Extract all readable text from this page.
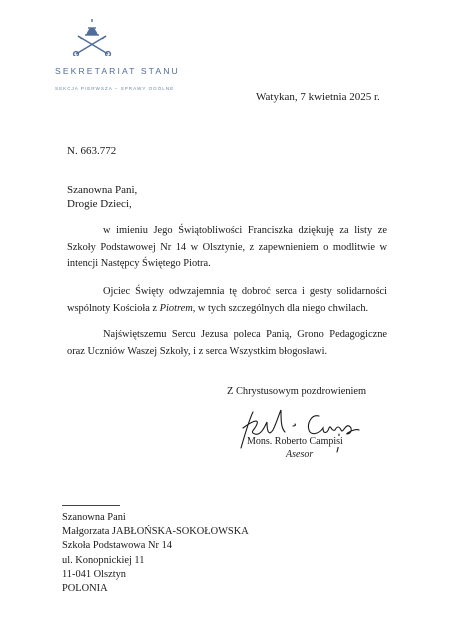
SEKRETARIAT STANU
SEKCJA PIERWSZA – SPRAWY OGÓLNE
Watykan, 7 kwietnia 2025 r.
N. 663.772
Szanowna Pani,
Drogie Dzieci,
w imieniu Jego Świątobliwości Franciszka dziękuję za listy ze Szkoły Podstawowej Nr 14 w Olsztynie, z zapewnieniem o modlitwie w intencji Następcy Świętego Piotra.
Ojciec Święty odwzajemnia tę dobroć serca i gesty solidarności wspólnoty Kościoła z Piotrem, w tych szczególnych dla niego chwilach.
Najświętszemu Sercu Jezusa poleca Panią, Grono Pedagogiczne oraz Uczniów Waszej Szkoły, i z serca Wszystkim błogosławi.
Z Chrystusowym pozdrowieniem
Mons. Roberto Campisi
Asesor
Szanowna Pani
Małgorzata JABŁOŃSKA-SOKOŁOWSKA
Szkoła Podstawowa Nr 14
ul. Konopnickiej 11
11-041 Olsztyn
POLONIA
